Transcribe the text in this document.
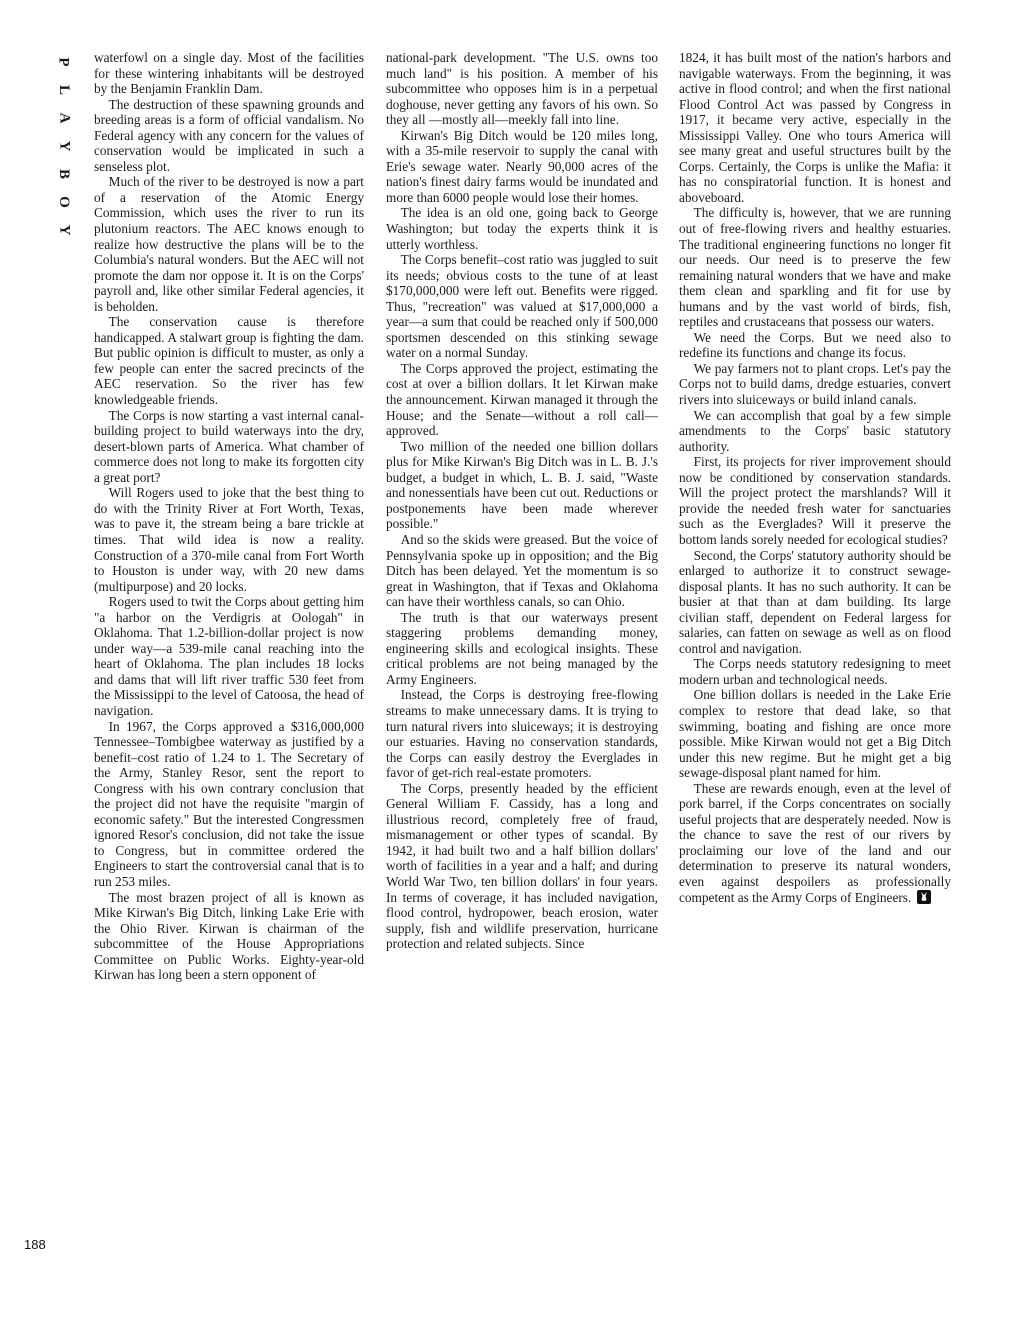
P
L
A
Y
B
O
Y
188

waterfowl on a single day. Most of the facilities for these wintering inhabitants will be destroyed by the Benjamin Franklin Dam.

The destruction of these spawning grounds and breeding areas is a form of official vandalism. No Federal agency with any concern for the values of conservation would be implicated in such a senseless plot.

Much of the river to be destroyed is now a part of a reservation of the Atomic Energy Commission, which uses the river to run its plutonium reactors. The AEC knows enough to realize how destructive the plans will be to the Columbia's natural wonders. But the AEC will not promote the dam nor oppose it. It is on the Corps' payroll and, like other similar Federal agencies, it is beholden.

The conservation cause is therefore handicapped. A stalwart group is fighting the dam. But public opinion is difficult to muster, as only a few people can enter the sacred precincts of the AEC reservation. So the river has few knowledgeable friends.

The Corps is now starting a vast internal canal-building project to build waterways into the dry, desert-blown parts of America. What chamber of commerce does not long to make its forgotten city a great port?

Will Rogers used to joke that the best thing to do with the Trinity River at Fort Worth, Texas, was to pave it, the stream being a bare trickle at times. That wild idea is now a reality. Construction of a 370-mile canal from Fort Worth to Houston is under way, with 20 new dams (multipurpose) and 20 locks.

Rogers used to twit the Corps about getting him "a harbor on the Verdigris at Oologah" in Oklahoma. That 1.2-billion-dollar project is now under way—a 539-mile canal reaching into the heart of Oklahoma. The plan includes 18 locks and dams that will lift river traffic 530 feet from the Mississippi to the level of Catoosa, the head of navigation.

In 1967, the Corps approved a $316,000,000 Tennessee–Tombigbee waterway as justified by a benefit–cost ratio of 1.24 to 1. The Secretary of the Army, Stanley Resor, sent the report to Congress with his own contrary conclusion that the project did not have the requisite "margin of economic safety." But the interested Congressmen ignored Resor's conclusion, did not take the issue to Congress, but in committee ordered the Engineers to start the controversial canal that is to run 253 miles.

The most brazen project of all is known as Mike Kirwan's Big Ditch, linking Lake Erie with the Ohio River. Kirwan is chairman of the subcommittee of the House Appropriations Committee on Public Works. Eighty-year-old Kirwan has long been a stern opponent of

national-park development. "The U.S. owns too much land" is his position. A member of his subcommittee who opposes him is in a perpetual doghouse, never getting any favors of his own. So they all —mostly all—meekly fall into line.

Kirwan's Big Ditch would be 120 miles long, with a 35-mile reservoir to supply the canal with Erie's sewage water. Nearly 90,000 acres of the nation's finest dairy farms would be inundated and more than 6000 people would lose their homes.

The idea is an old one, going back to George Washington; but today the experts think it is utterly worthless.

The Corps benefit–cost ratio was juggled to suit its needs; obvious costs to the tune of at least $170,000,000 were left out. Benefits were rigged. Thus, "recreation" was valued at $17,000,000 a year—a sum that could be reached only if 500,000 sportsmen descended on this stinking sewage water on a normal Sunday.

The Corps approved the project, estimating the cost at over a billion dollars. It let Kirwan make the announcement. Kirwan managed it through the House; and the Senate—without a roll call—approved.

Two million of the needed one billion dollars plus for Mike Kirwan's Big Ditch was in L. B. J.'s budget, a budget in which, L. B. J. said, "Waste and nonessentials have been cut out. Reductions or postponements have been made wherever possible."

And so the skids were greased. But the voice of Pennsylvania spoke up in opposition; and the Big Ditch has been delayed. Yet the momentum is so great in Washington, that if Texas and Oklahoma can have their worthless canals, so can Ohio.

The truth is that our waterways present staggering problems demanding money, engineering skills and ecological insights. These critical problems are not being managed by the Army Engineers.

Instead, the Corps is destroying free-flowing streams to make unnecessary dams. It is trying to turn natural rivers into sluiceways; it is destroying our estuaries. Having no conservation standards, the Corps can easily destroy the Everglades in favor of get-rich real-estate promoters.

The Corps, presently headed by the efficient General William F. Cassidy, has a long and illustrious record, completely free of fraud, mismanagement or other types of scandal. By 1942, it had built two and a half billion dollars' worth of facilities in a year and a half; and during World War Two, ten billion dollars' in four years. In terms of coverage, it has included navigation, flood control, hydropower, beach erosion, water supply, fish and wildlife preservation, hurricane protection and related subjects. Since

1824, it has built most of the nation's harbors and navigable waterways. From the beginning, it was active in flood control; and when the first national Flood Control Act was passed by Congress in 1917, it became very active, especially in the Mississippi Valley. One who tours America will see many great and useful structures built by the Corps. Certainly, the Corps is unlike the Mafia: it has no conspiratorial function. It is honest and aboveboard.

The difficulty is, however, that we are running out of free-flowing rivers and healthy estuaries. The traditional engineering functions no longer fit our needs. Our need is to preserve the few remaining natural wonders that we have and make them clean and sparkling and fit for use by humans and by the vast world of birds, fish, reptiles and crustaceans that possess our waters.

We need the Corps. But we need also to redefine its functions and change its focus.

We pay farmers not to plant crops. Let's pay the Corps not to build dams, dredge estuaries, convert rivers into sluiceways or build inland canals.

We can accomplish that goal by a few simple amendments to the Corps' basic statutory authority.

First, its projects for river improvement should now be conditioned by conservation standards. Will the project protect the marshlands? Will it provide the needed fresh water for sanctuaries such as the Everglades? Will it preserve the bottom lands sorely needed for ecological studies?

Second, the Corps' statutory authority should be enlarged to authorize it to construct sewage-disposal plants. It has no such authority. It can be busier at that than at dam building. Its large civilian staff, dependent on Federal largess for salaries, can fatten on sewage as well as on flood control and navigation.

The Corps needs statutory redesigning to meet modern urban and technological needs.

One billion dollars is needed in the Lake Erie complex to restore that dead lake, so that swimming, boating and fishing are once more possible. Mike Kirwan would not get a Big Ditch under this new regime. But he might get a big sewage-disposal plant named for him.

These are rewards enough, even at the level of pork barrel, if the Corps concentrates on socially useful projects that are desperately needed. Now is the chance to save the rest of our rivers by proclaiming our love of the land and our determination to preserve its natural wonders, even against despoilers as professionally competent as the Army Corps of Engineers.
